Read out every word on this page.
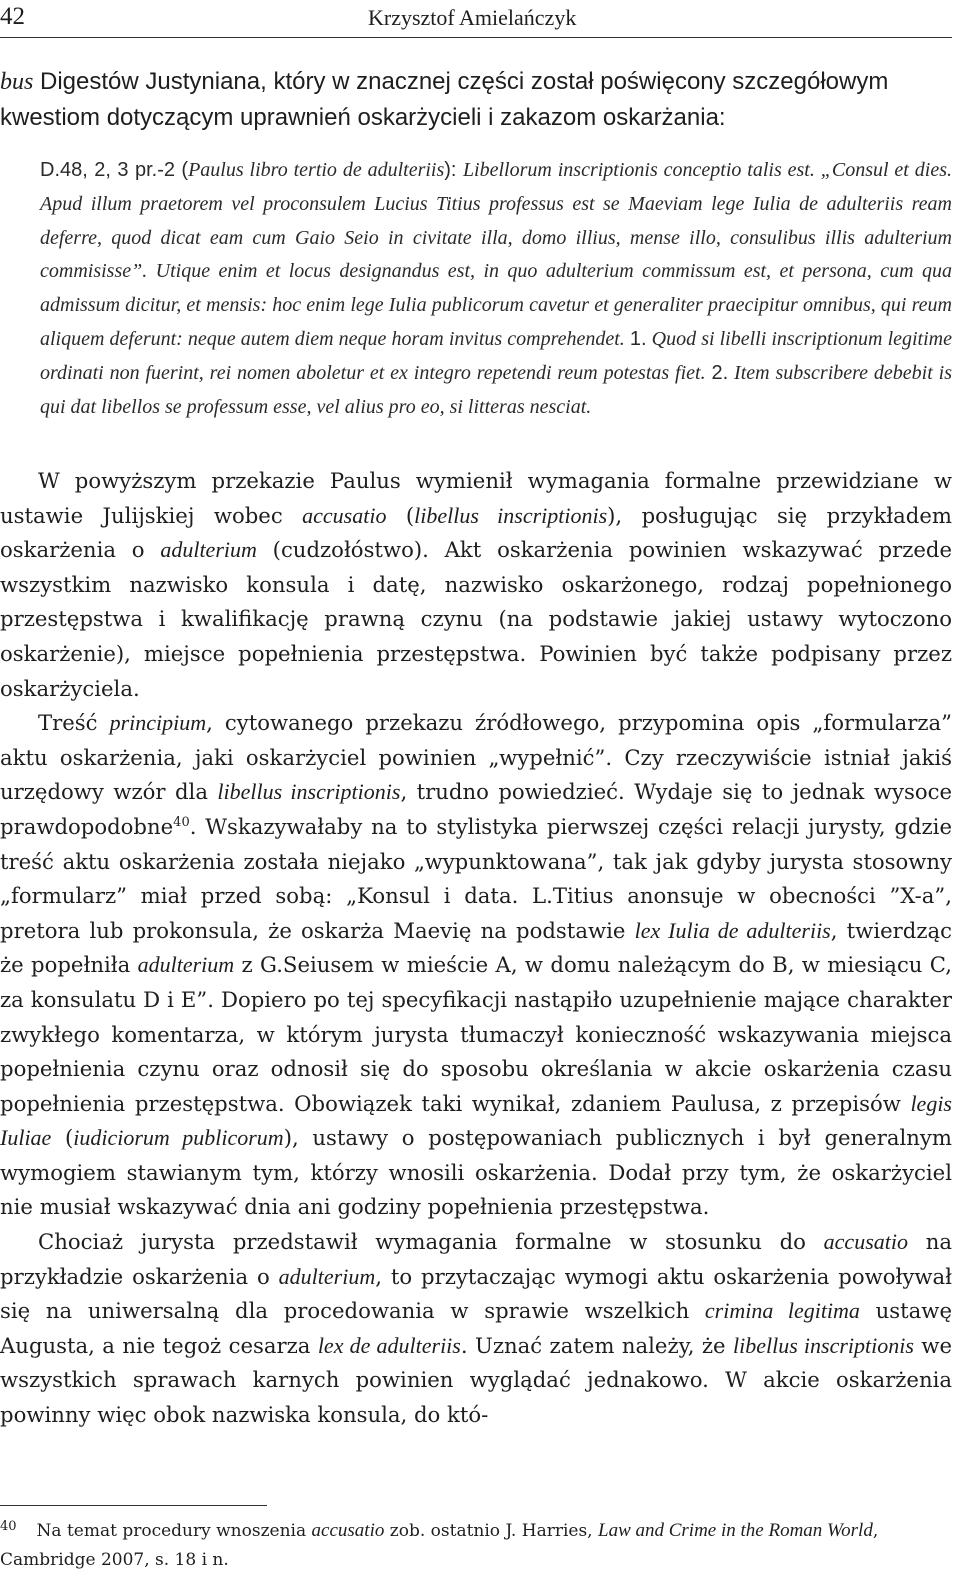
42	Krzysztof Amielańczyk
bus Digestów Justyniana, który w znacznej części został poświęcony szczegółowym kwestiom dotyczącym uprawnień oskarżycieli i zakazom oskarżania:
D.48, 2, 3 pr.-2 (Paulus libro tertio de adulteriis): Libellorum inscriptionis conceptio talis est. „Consul et dies. Apud illum praetorem vel proconsulem Lucius Titius professus est se Maeviam lege Iulia de adulteriis ream deferre, quod dicat eam cum Gaio Seio in civitate illa, domo illius, mense illo, consulibus illis adulterium commisisse”. Utique enim et locus designandus est, in quo adulterium commissum est, et persona, cum qua admissum dicitur, et mensis: hoc enim lege Iulia publicorum cavetur et generaliter praecipitur omnibus, qui reum aliquem deferunt: neque autem diem neque horam invitus comprehendet. 1. Quod si libelli inscriptionum legitime ordinati non fuerint, rei nomen aboletur et ex integro repetendi reum potestas fiet. 2. Item subscribere debebit is qui dat libellos se professum esse, vel alius pro eo, si litteras nesciat.

W powyższym przekazie Paulus wymienił wymagania formalne przewidziane w ustawie Julijskiej wobec accusatio (libellus inscriptionis), posługując się przykładem oskarżenia o adulterium (cudzołóstwo). Akt oskarżenia powinien wskazywać przede wszystkim nazwisko konsula i datę, nazwisko oskarżonego, rodzaj popełnionego przestępstwa i kwalifikację prawną czynu (na podstawie jakiej ustawy wytoczono oskarżenie), miejsce popełnienia przestępstwa. Powinien być także podpisany przez oskarżyciela.

Treść principium, cytowanego przekazu źródłowego, przypomina opis „formularza” aktu oskarżenia, jaki oskarżyciel powinien „wypełnić”. Czy rzeczywiście istniał jakiś urzędowy wzór dla libellus inscriptionis, trudno powiedzieć. Wydaje się to jednak wysoce prawdopodobne$^{40}$. Wskazywałaby na to stylistyka pierwszej części relacji jurysty, gdzie treść aktu oskarżenia została niejako „wypunktowana”, tak jak gdyby jurysta stosowny „formularz” miał przed sobą: „Konsul i data. L.Titius anonsuje w obecności ”X-a”, pretora lub prokonsula, że oskarża Maevię na podstawie lex Iulia de adulteriis, twierdząc że popełniła adulterium z G.Seiusem w mieście A, w domu należącym do B, w miesiącu C, za konsulatu D i E”. Dopiero po tej specyfikacji nastąpiło uzupełnienie mające charakter zwykłego komentarza, w którym jurysta tłumaczył konieczność wskazywania miejsca popełnienia czynu oraz odnosił się do sposobu określania w akcie oskarżenia czasu popełnienia przestępstwa. Obowiązek taki wynikał, zdaniem Paulusa, z przepisów legis Iuliae (iudiciorum publicorum), ustawy o postępowaniach publicznych i był generalnym wymogiem stawianym tym, którzy wnosili oskarżenia. Dodał przy tym, że oskarżyciel nie musiał wskazywać dnia ani godziny popełnienia przestępstwa.

Chociaż jurysta przedstawił wymagania formalne w stosunku do accusatio na przykładzie oskarżenia o adulterium, to przytaczając wymogi aktu oskarżenia powoływał się na uniwersalną dla procedowania w sprawie wszelkich crimina legitima ustawę Augusta, a nie tegoż cesarza lex de adulteriis. Uznać zatem należy, że libellus inscriptionis we wszystkich sprawach karnych powinien wyglądać jednakowo. W akcie oskarżenia powinny więc obok nazwiska konsula, do któ-

$^{40}$ Na temat procedury wnoszenia accusatio zob. ostatnio J. Harries, Law and Crime in the Roman World, Cambridge 2007, s. 18 i n.
